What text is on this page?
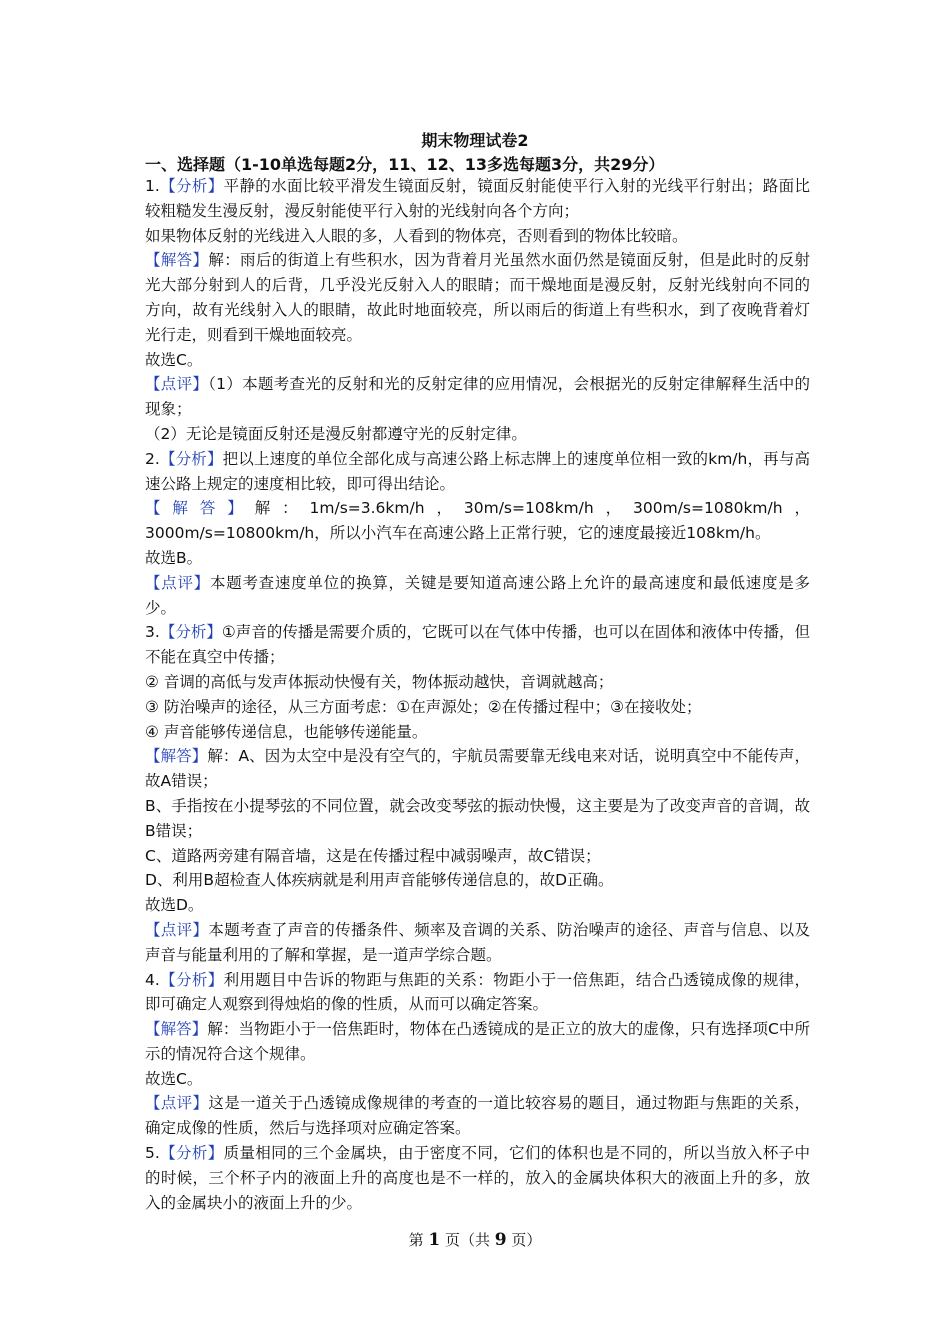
期末物理试卷2
一、选择题（1-10单选每题2分，11、12、13多选每题3分，共29分）

1.【分析】平静的水面比较平滑发生镜面反射，镜面反射能使平行入射的光线平行射出；路面比较粗糙发生漫反射，漫反射能使平行入射的光线射向各个方向；

如果物体反射的光线进入人眼的多，人看到的物体亮，否则看到的物体比较暗。

【解答】解：雨后的街道上有些积水，因为背着月光虽然水面仍然是镜面反射，但是此时的反射光大部分射到人的后背，几乎没光反射入人的眼睛；而干燥地面是漫反射，反射光线射向不同的方向，故有光线射入人的眼睛，故此时地面较亮，所以雨后的街道上有些积水，到了夜晚背着灯光行走，则看到干燥地面较亮。

故选C。

【点评】（1）本题考查光的反射和光的反射定律的应用情况，会根据光的反射定律解释生活中的现象；

（2）无论是镜面反射还是漫反射都遵守光的反射定律。

2.【分析】把以上速度的单位全部化成与高速公路上标志牌上的速度单位相一致的km/h，再与高速公路上规定的速度相比较，即可得出结论。

【解答】解：1m/s=3.6km/h，30m/s=108km/h，300m/s=1080km/h，3000m/s=10800km/h，所以小汽车在高速公路上正常行驶，它的速度最接近108km/h。

故选B。

【点评】本题考查速度单位的换算，关键是要知道高速公路上允许的最高速度和最低速度是多少。

3.【分析】①声音的传播是需要介质的，它既可以在气体中传播，也可以在固体和液体中传播，但不能在真空中传播；

② 音调的高低与发声体振动快慢有关，物体振动越快，音调就越高；

③ 防治噪声的途径，从三方面考虑：①在声源处；②在传播过程中；③在接收处；

④ 声音能够传递信息，也能够传递能量。

【解答】解：A、因为太空中是没有空气的，宇航员需要靠无线电来对话，说明真空中不能传声，故A错误；

B、手指按在小提琴弦的不同位置，就会改变琴弦的振动快慢，这主要是为了改变声音的音调，故B错误；

C、道路两旁建有隔音墙，这是在传播过程中减弱噪声，故C错误；

D、利用B超检查人体疾病就是利用声音能够传递信息的，故D正确。

故选D。

【点评】本题考查了声音的传播条件、频率及音调的关系、防治噪声的途径、声音与信息、以及声音与能量利用的了解和掌握，是一道声学综合题。

4.【分析】利用题目中告诉的物距与焦距的关系：物距小于一倍焦距，结合凸透镜成像的规律，即可确定人观察到得烛焰的像的性质，从而可以确定答案。

【解答】解：当物距小于一倍焦距时，物体在凸透镜成的是正立的放大的虚像，只有选择项C中所示的情况符合这个规律。

故选C。

【点评】这是一道关于凸透镜成像规律的考查的一道比较容易的题目，通过物距与焦距的关系，确定成像的性质，然后与选择项对应确定答案。

5.【分析】质量相同的三个金属块，由于密度不同，它们的体积也是不同的，所以当放入杯子中的时候，三个杯子内的液面上升的高度也是不一样的，放入的金属块体积大的液面上升的多，放入的金属块小的液面上升的少。

第 1 页（共 9 页）
